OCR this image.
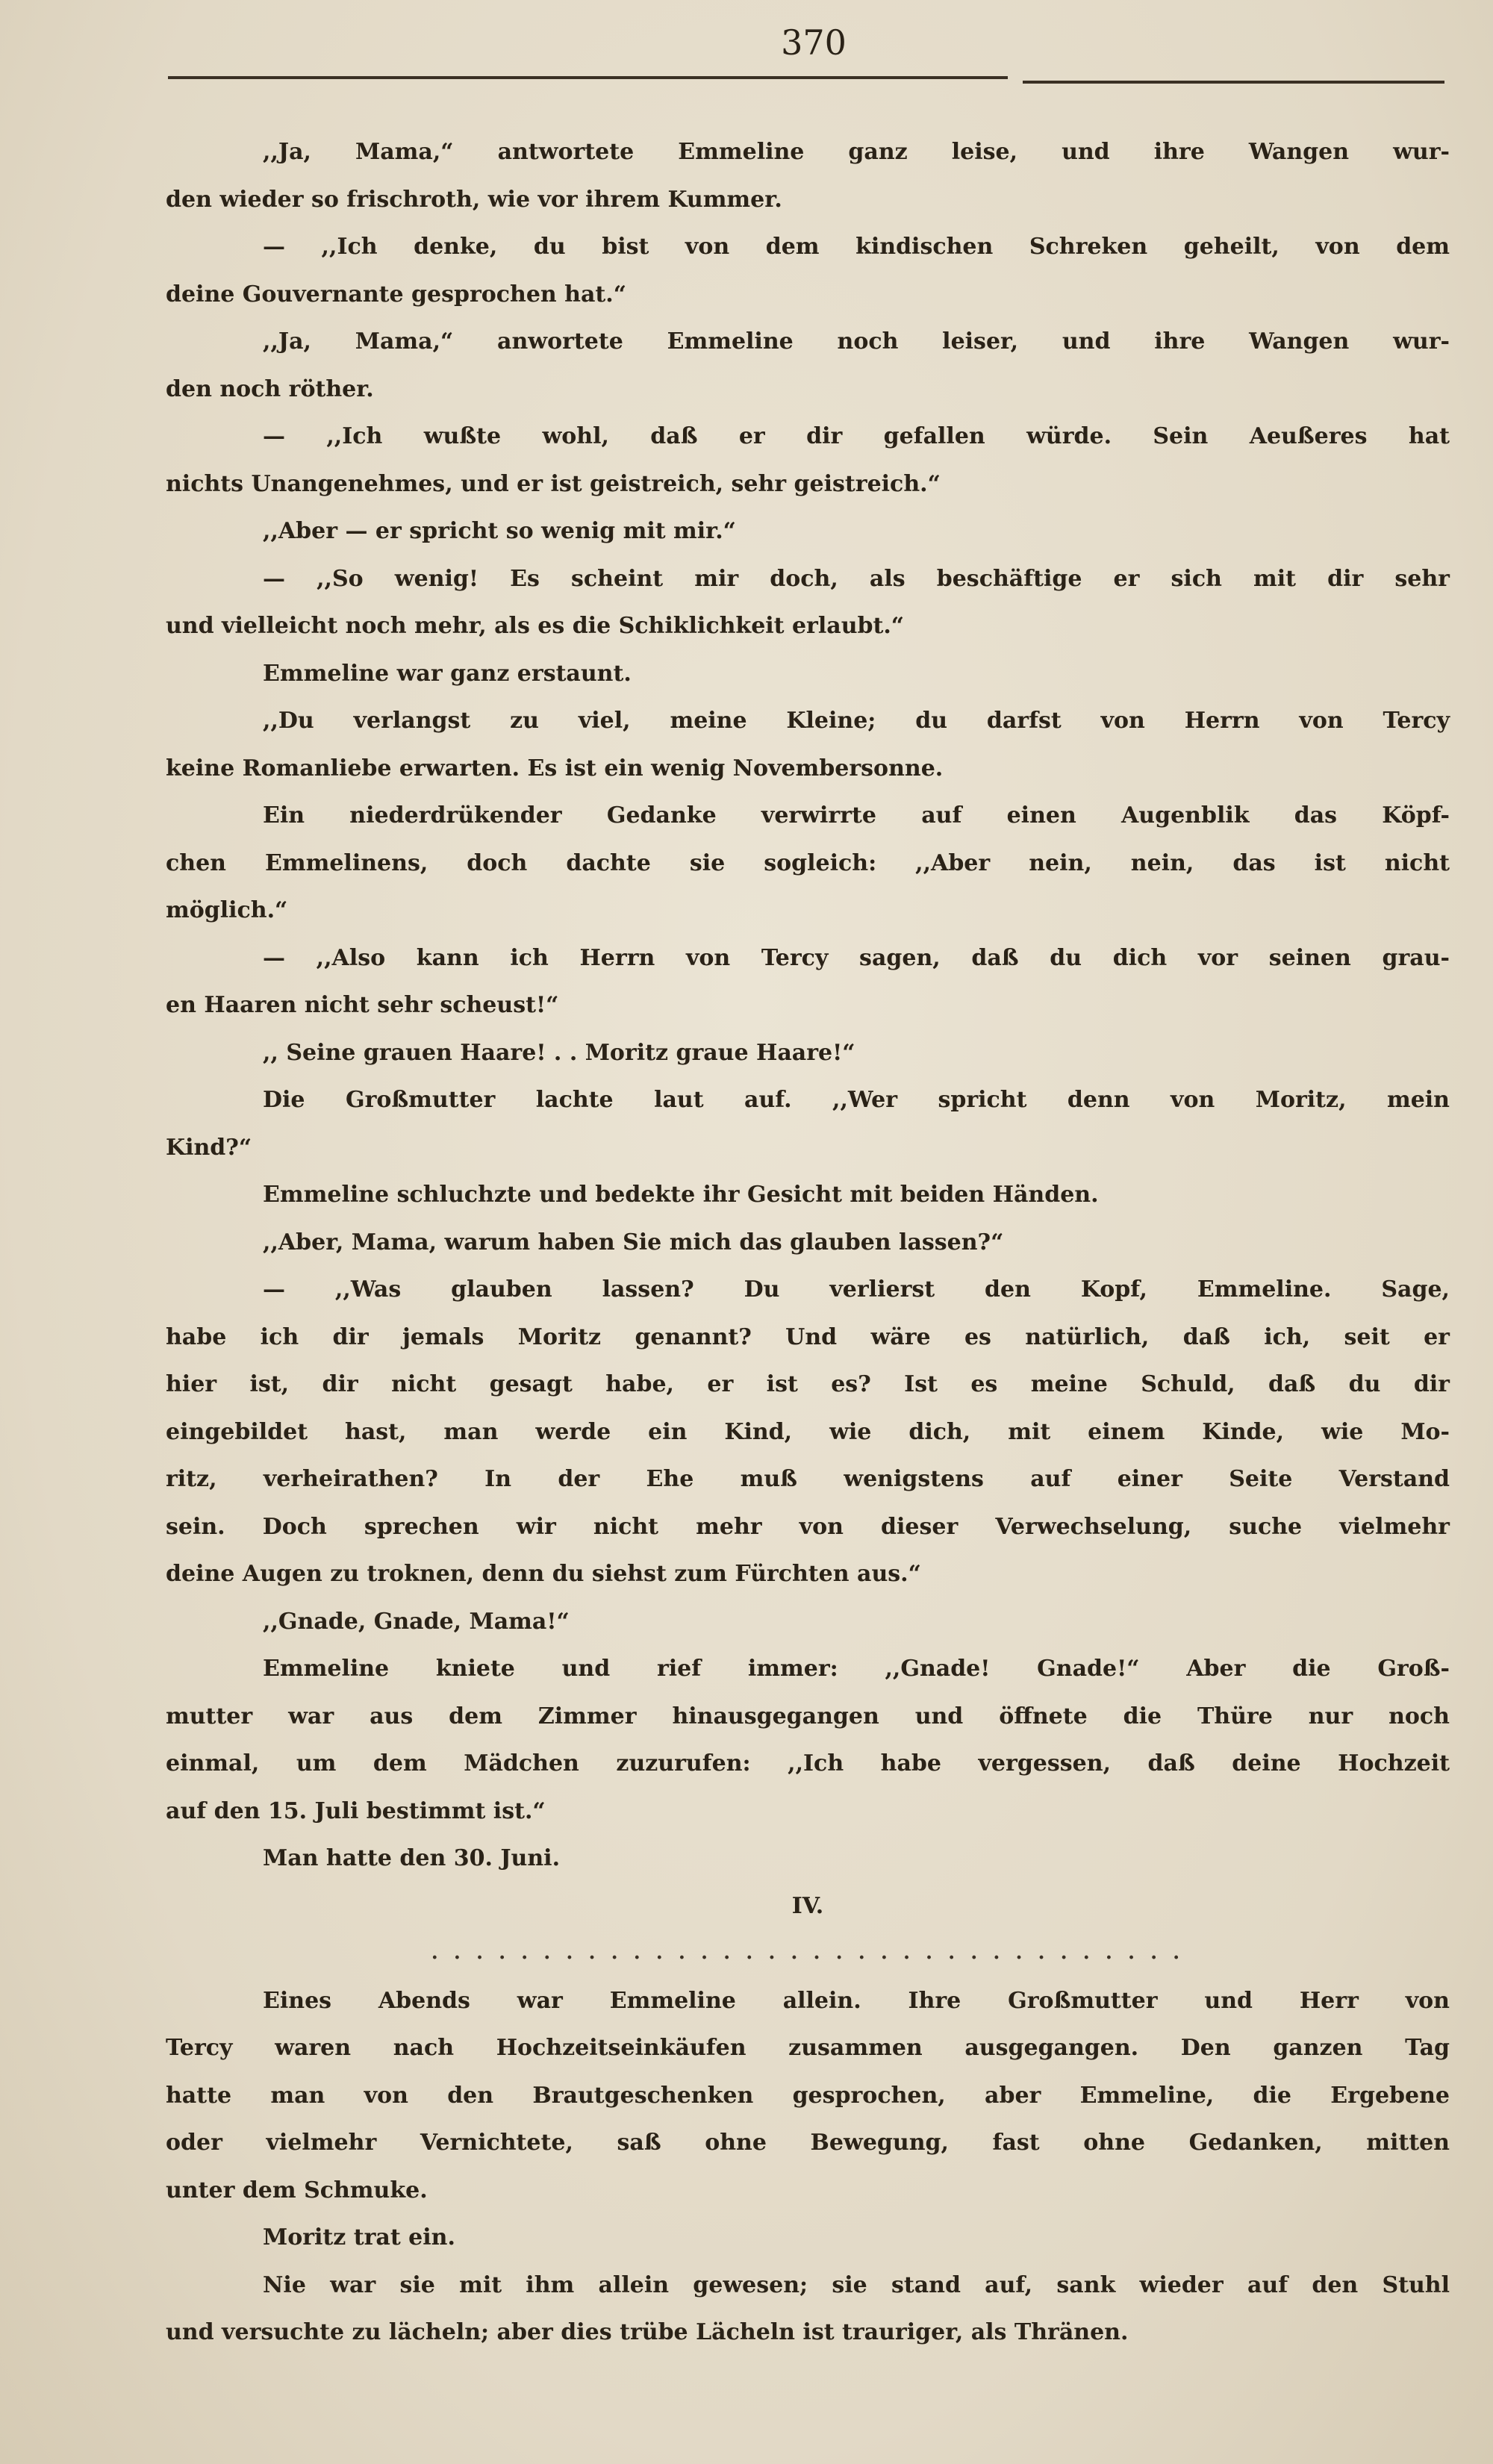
370
,,Ja, Mama,“ antwortete Emmeline ganz leise, und ihre Wangen wur-
den wieder so frischroth, wie vor ihrem Kummer.
— ,,Ich denke, du bist von dem kindischen Schreken geheilt, von dem
deine Gouvernante gesprochen hat.“
,,Ja, Mama,“ anwortete Emmeline noch leiser, und ihre Wangen wur-
den noch röther.
— ,,Ich wußte wohl, daß er dir gefallen würde. Sein Aeußeres hat
nichts Unangenehmes, und er ist geistreich, sehr geistreich.“
,,Aber — er spricht so wenig mit mir.“
— ,,So wenig! Es scheint mir doch, als beschäftige er sich mit dir sehr
und vielleicht noch mehr, als es die Schiklichkeit erlaubt.“
Emmeline war ganz erstaunt.
,,Du verlangst zu viel, meine Kleine; du darfst von Herrn von Tercy
keine Romanliebe erwarten. Es ist ein wenig Novembersonne.
Ein niederdrükender Gedanke verwirrte auf einen Augenblik das Köpf-
chen Emmelinens, doch dachte sie sogleich: ,,Aber nein, nein, das ist nicht
möglich.“
— ,,Also kann ich Herrn von Tercy sagen, daß du dich vor seinen grau-
en Haaren nicht sehr scheust!“
,, Seine grauen Haare! . . Moritz graue Haare!“
Die Großmutter lachte laut auf. ,,Wer spricht denn von Moritz, mein
Kind?“
Emmeline schluchzte und bedekte ihr Gesicht mit beiden Händen.
,,Aber, Mama, warum haben Sie mich das glauben lassen?“
— ,,Was glauben lassen? Du verlierst den Kopf, Emmeline. Sage,
habe ich dir jemals Moritz genannt? Und wäre es natürlich, daß ich, seit er
hier ist, dir nicht gesagt habe, er ist es? Ist es meine Schuld, daß du dir
eingebildet hast, man werde ein Kind, wie dich, mit einem Kinde, wie Mo-
ritz, verheirathen? In der Ehe muß wenigstens auf einer Seite Verstand
sein. Doch sprechen wir nicht mehr von dieser Verwechselung, suche vielmehr
deine Augen zu troknen, denn du siehst zum Fürchten aus.“
,,Gnade, Gnade, Mama!“
Emmeline kniete und rief immer: ,,Gnade! Gnade!“ Aber die Groß-
mutter war aus dem Zimmer hinausgegangen und öffnete die Thüre nur noch
einmal, um dem Mädchen zuzurufen: ,,Ich habe vergessen, daß deine Hochzeit
auf den 15. Juli bestimmt ist.“
Man hatte den 30. Juni.
IV.
. . . . . . . . . . . . . . . . . . . . . . . . . . . . . . . . . .
Eines Abends war Emmeline allein. Ihre Großmutter und Herr von
Tercy waren nach Hochzeitseinkäufen zusammen ausgegangen. Den ganzen Tag
hatte man von den Brautgeschenken gesprochen, aber Emmeline, die Ergebene
oder vielmehr Vernichtete, saß ohne Bewegung, fast ohne Gedanken, mitten
unter dem Schmuke.
Moritz trat ein.
Nie war sie mit ihm allein gewesen; sie stand auf, sank wieder auf den Stuhl
und versuchte zu lächeln; aber dies trübe Lächeln ist trauriger, als Thränen.
